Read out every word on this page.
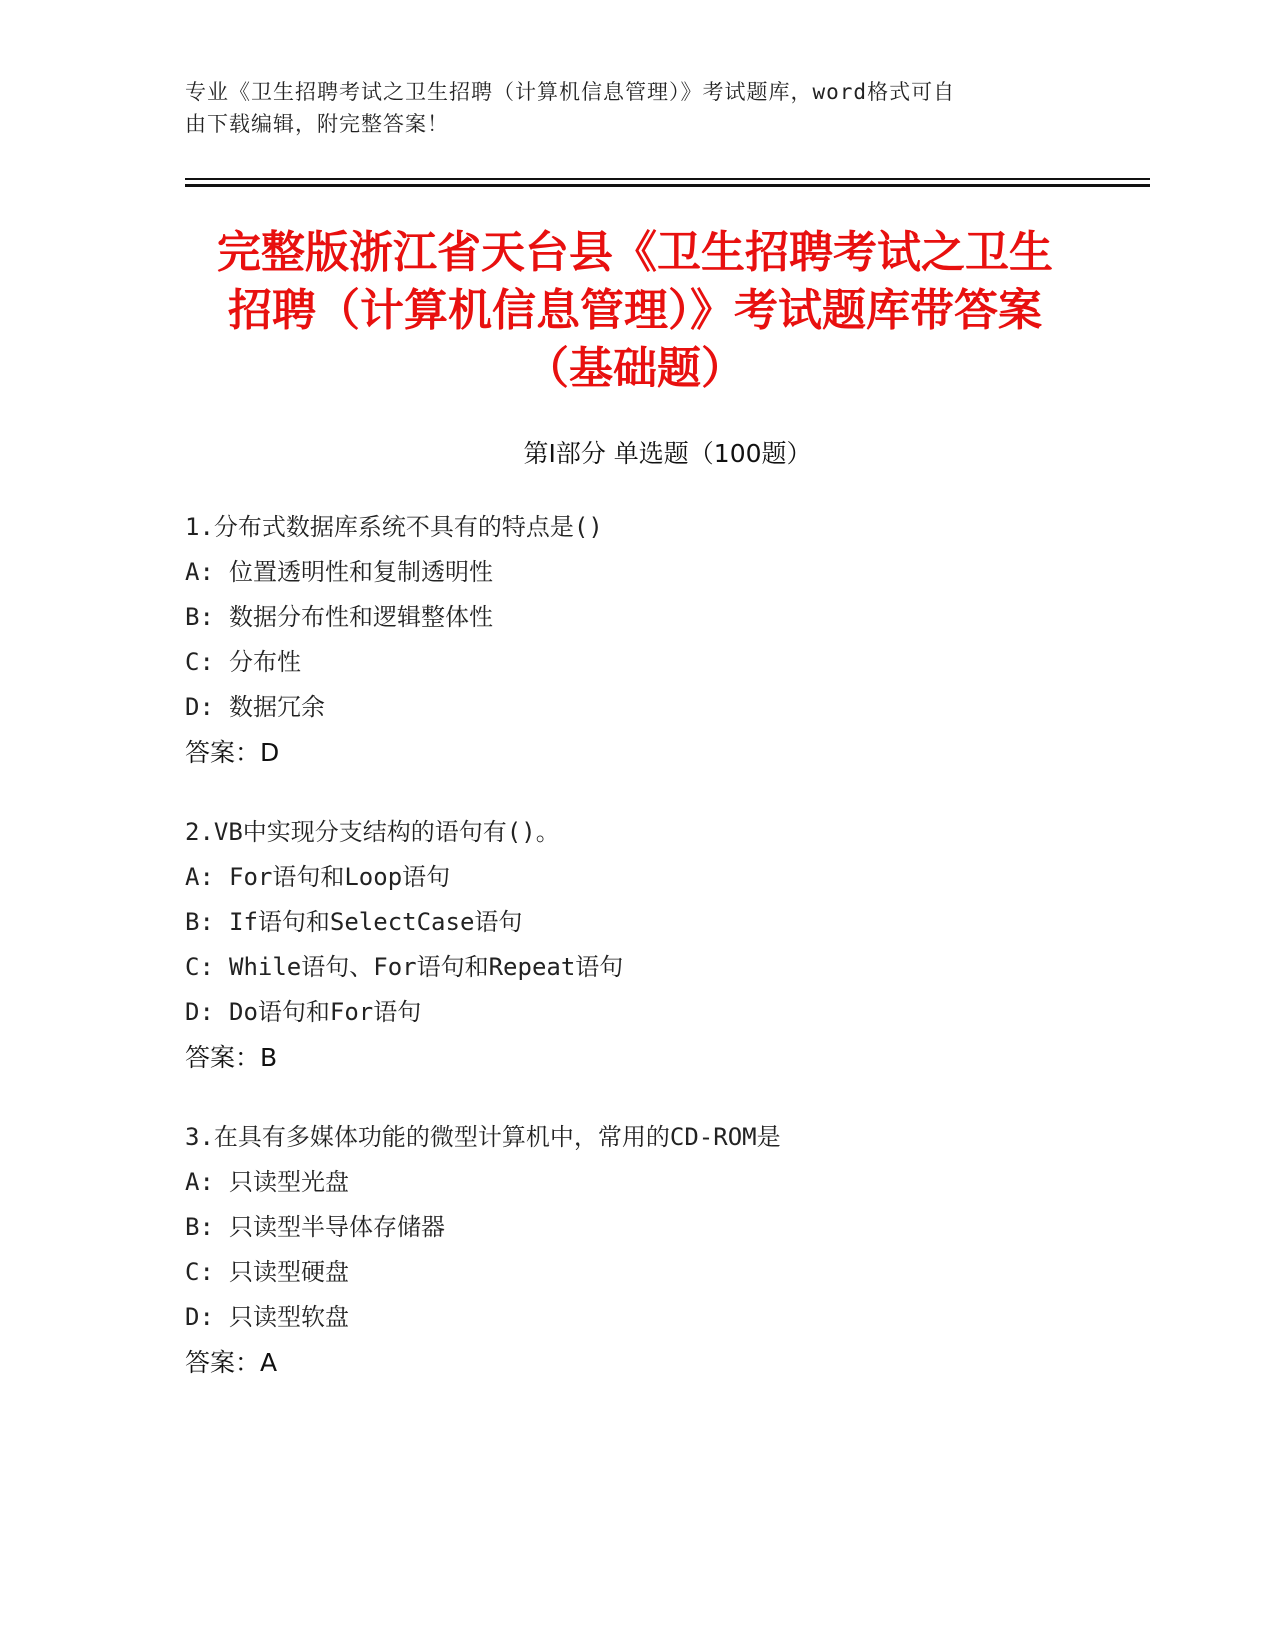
专业《卫生招聘考试之卫生招聘（计算机信息管理）》考试题库，word格式可自
由下载编辑，附完整答案！
完整版浙江省天台县《卫生招聘考试之卫生
招聘（计算机信息管理）》考试题库带答案
（基础题）
第Ⅰ部分 单选题（100题）
1.分布式数据库系统不具有的特点是()
A: 位置透明性和复制透明性
B: 数据分布性和逻辑整体性
C: 分布性
D: 数据冗余
答案：D
2.VB中实现分支结构的语句有()。
A: For语句和Loop语句
B: If语句和SelectCase语句
C: While语句、For语句和Repeat语句
D: Do语句和For语句
答案：B
3.在具有多媒体功能的微型计算机中，常用的CD-ROM是
A: 只读型光盘
B: 只读型半导体存储器
C: 只读型硬盘
D: 只读型软盘
答案：A
